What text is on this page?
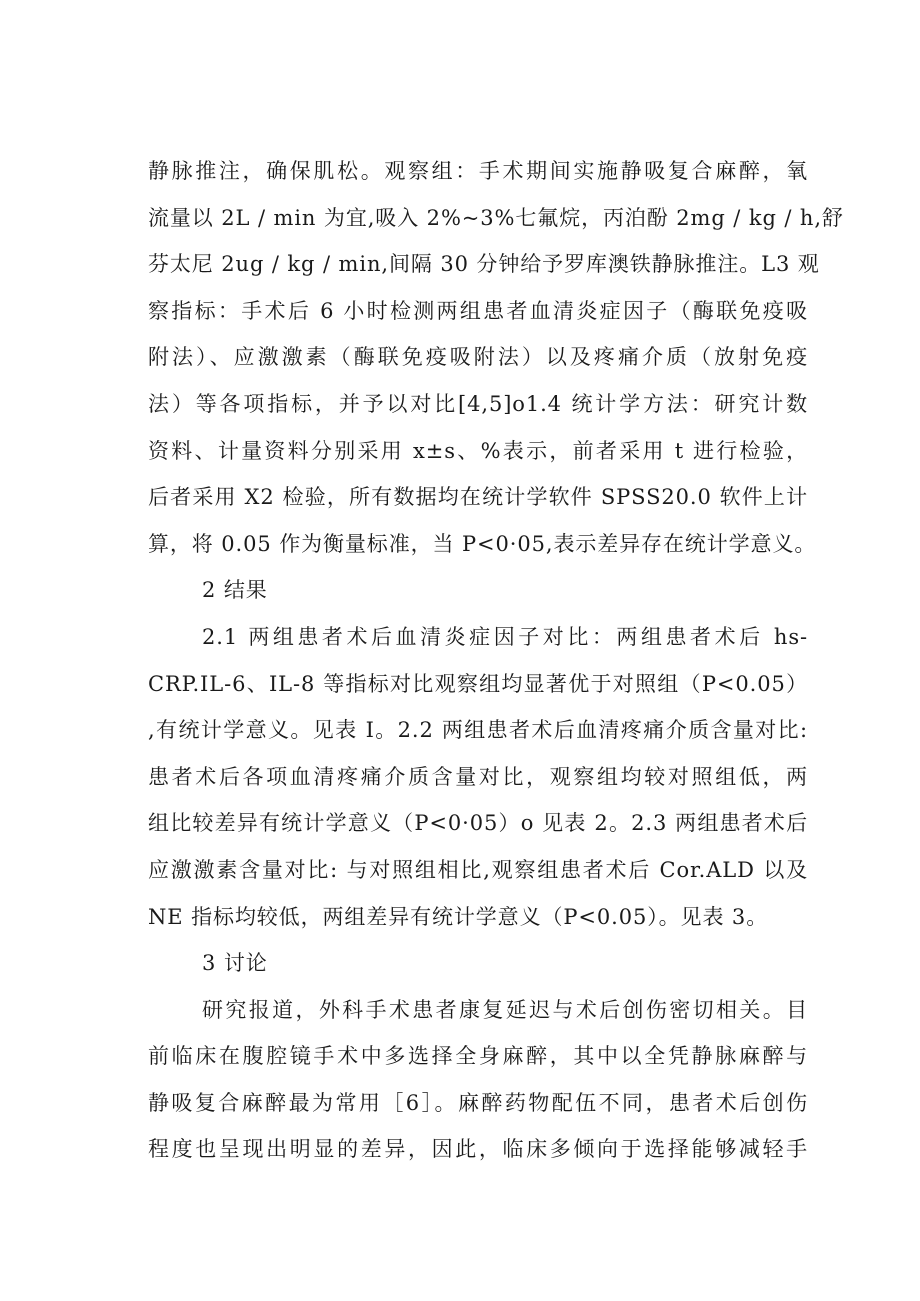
静脉推注，确保肌松。观察组：手术期间实施静吸复合麻醉，氧
流量以 2L / min 为宜,吸入 2%~3%七氟烷，丙泊酚 2mg / kg / h,舒
芬太尼 2ug / kg / min,间隔 30 分钟给予罗库澳铁静脉推注。L3 观
察指标：手术后 6 小时检测两组患者血清炎症因子（酶联免疫吸
附法）、应激激素（酶联免疫吸附法）以及疼痛介质（放射免疫
法）等各项指标，并予以对比[4,5]o1.4 统计学方法：研究计数
资料、计量资料分别采用 x±s、%表示，前者采用 t 进行检验，
后者采用 X2 检验，所有数据均在统计学软件 SPSS20.0 软件上计
算，将 0.05 作为衡量标准，当 P<0·05,表示差异存在统计学意义。
2 结果
2.1 两组患者术后血清炎症因子对比：两组患者术后 hs-
CRP.IL-6、IL-8 等指标对比观察组均显著优于对照组（P<0.05）
,有统计学意义。见表 I。2.2 两组患者术后血清疼痛介质含量对比:
患者术后各项血清疼痛介质含量对比，观察组均较对照组低，两
组比较差异有统计学意义（P<0·05）o 见表 2。2.3 两组患者术后
应激激素含量对比: 与对照组相比,观察组患者术后 Cor.ALD 以及
NE 指标均较低，两组差异有统计学意义（P<0.05）。见表 3。
3 讨论
研究报道，外科手术患者康复延迟与术后创伤密切相关。目
前临床在腹腔镜手术中多选择全身麻醉，其中以全凭静脉麻醉与
静吸复合麻醉最为常用［6］。麻醉药物配伍不同，患者术后创伤
程度也呈现出明显的差异，因此，临床多倾向于选择能够减轻手
